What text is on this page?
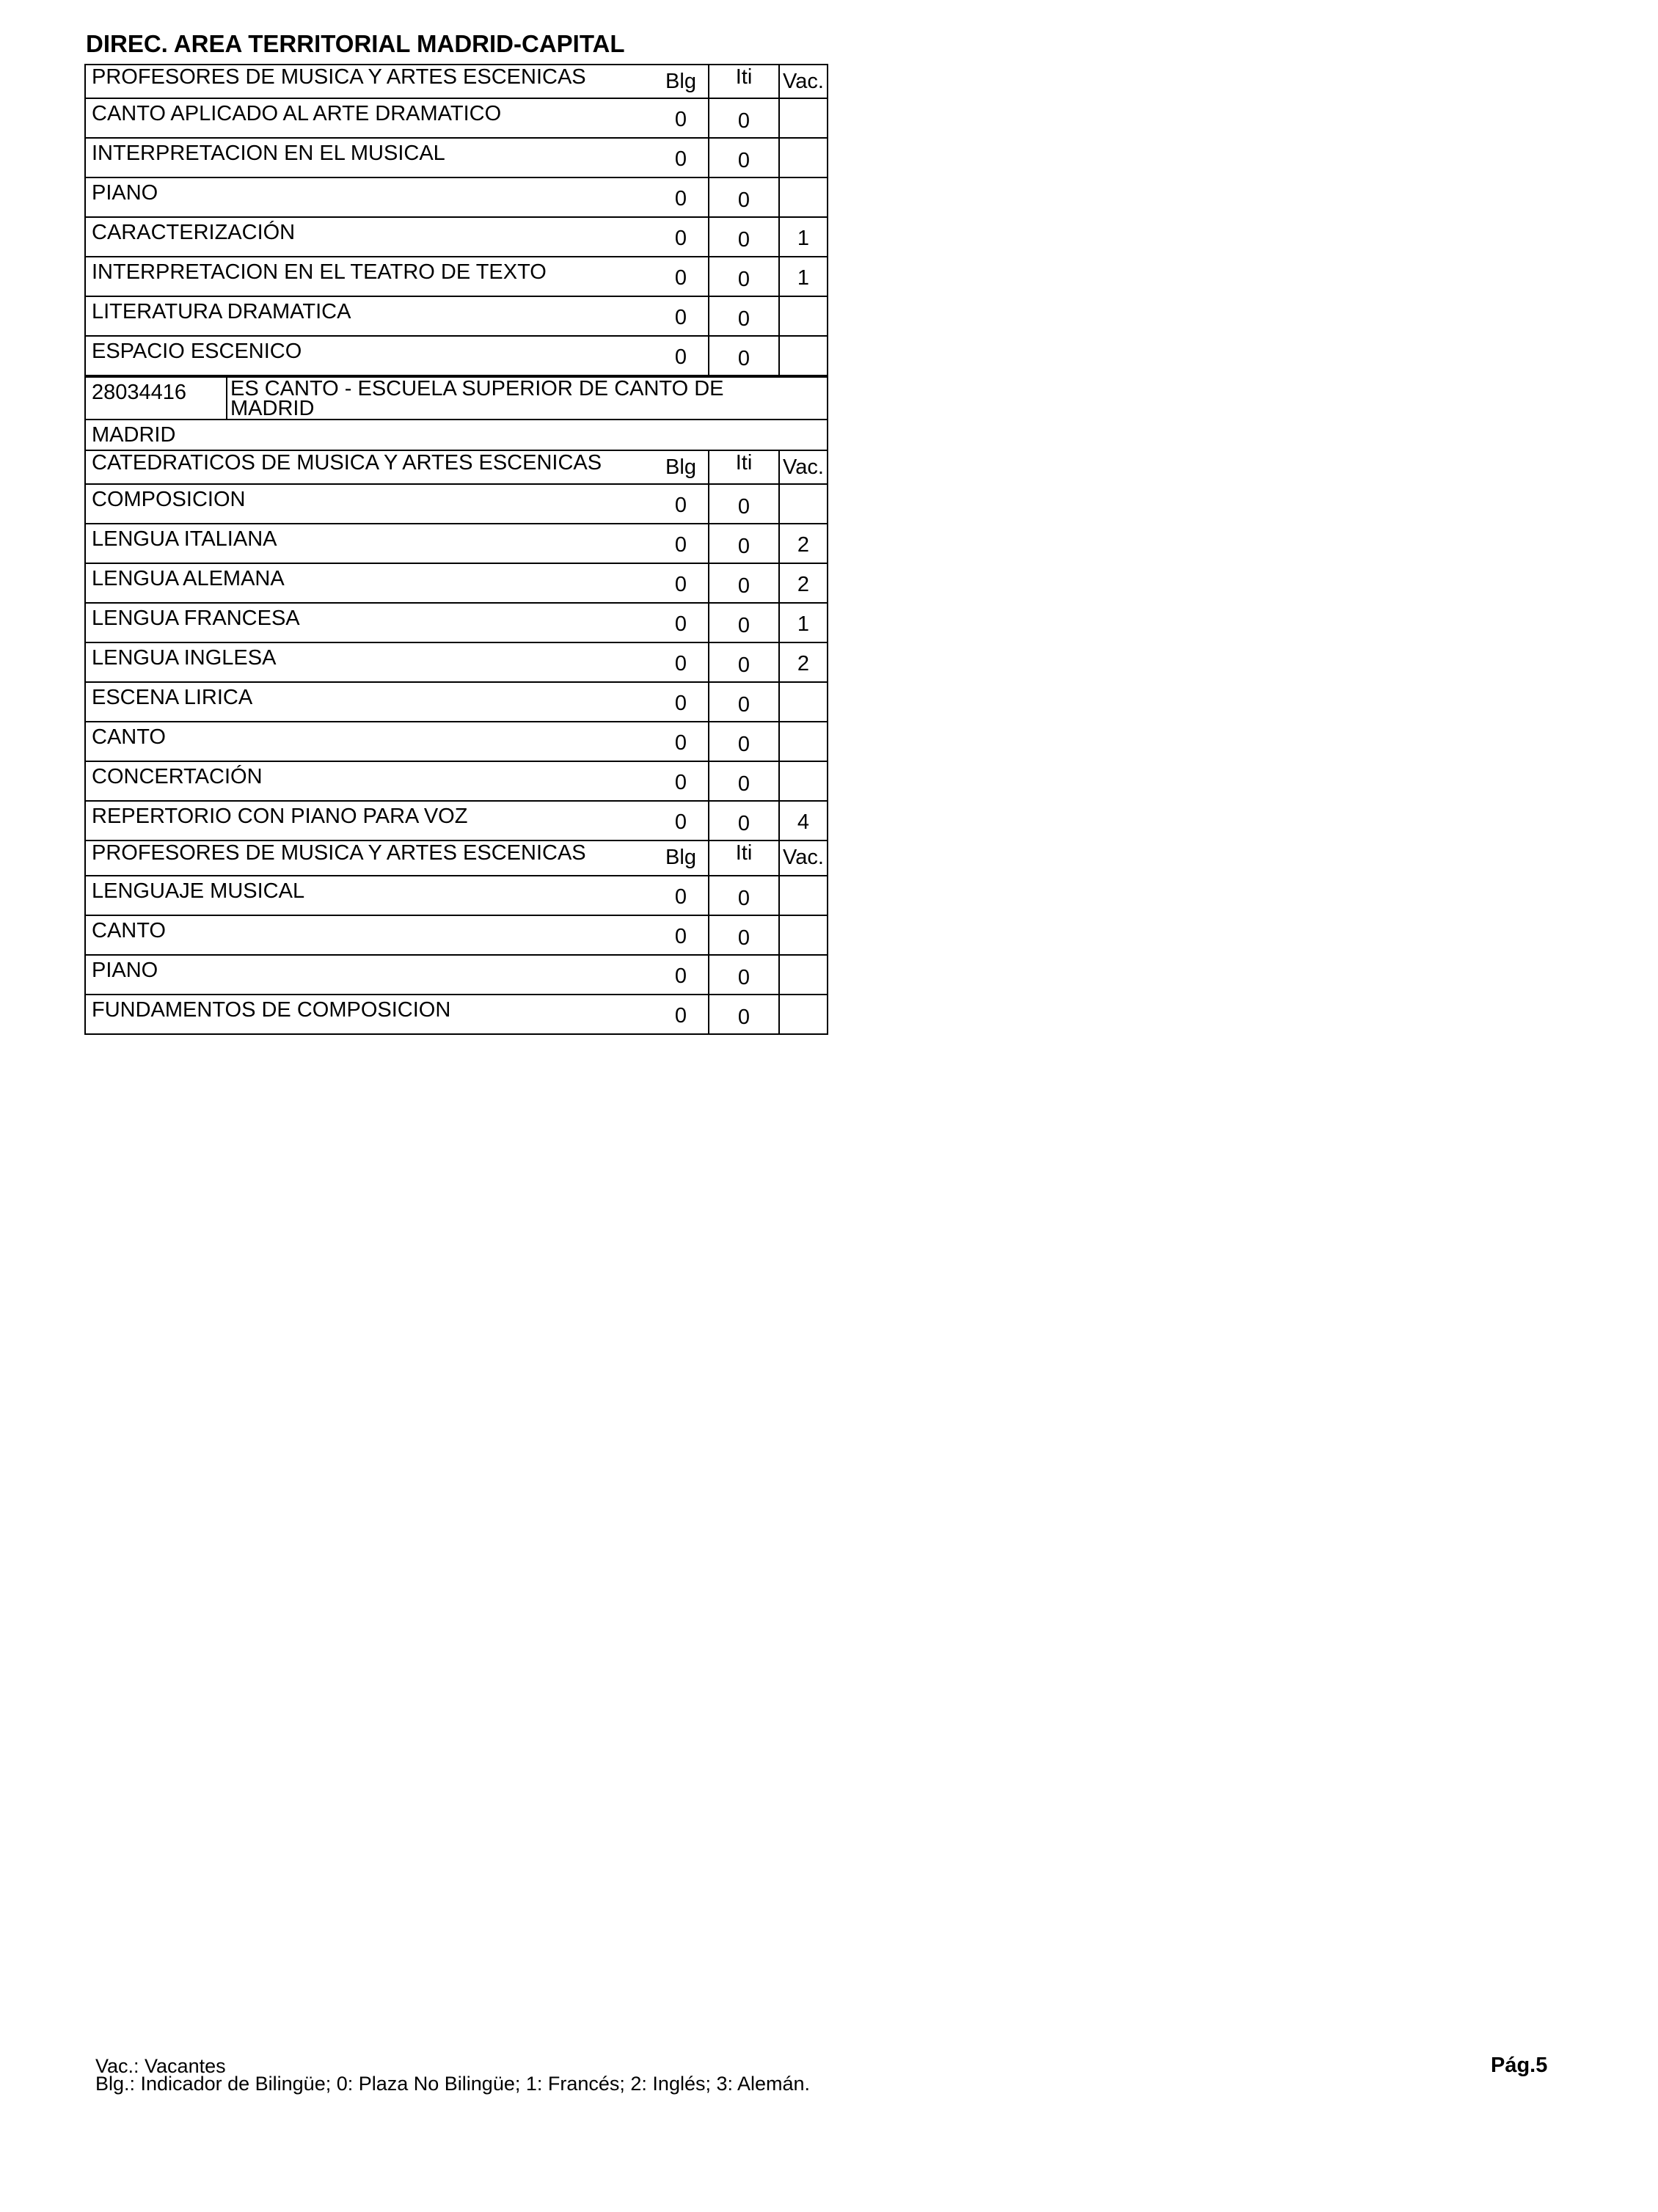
DIREC. AREA TERRITORIAL MADRID-CAPITAL
PROFESORES DE MUSICA Y ARTES ESCENICAS	Blg	Iti	Vac.
CANTO APLICADO AL ARTE DRAMATICO	0	0
INTERPRETACION EN EL MUSICAL	0	0
PIANO	0	0
CARACTERIZACIÓN	0	0	1
INTERPRETACION EN EL TEATRO DE TEXTO	0	0	1
LITERATURA DRAMATICA	0	0
ESPACIO ESCENICO	0	0
28034416 ES CANTO - ESCUELA SUPERIOR DE CANTO DE MADRID
MADRID
CATEDRATICOS DE MUSICA Y ARTES ESCENICAS	Blg	Iti	Vac.
COMPOSICION	0	0
LENGUA ITALIANA	0	0	2
LENGUA ALEMANA	0	0	2
LENGUA FRANCESA	0	0	1
LENGUA INGLESA	0	0	2
ESCENA LIRICA	0	0
CANTO	0	0
CONCERTACIÓN	0	0
REPERTORIO CON PIANO PARA VOZ	0	0	4
PROFESORES DE MUSICA Y ARTES ESCENICAS	Blg	Iti	Vac.
LENGUAJE MUSICAL	0	0
CANTO	0	0
PIANO	0	0
FUNDAMENTOS DE COMPOSICION	0	0
Vac.: Vacantes
Blg.: Indicador de Bilingüe; 0: Plaza No Bilingüe; 1: Francés; 2: Inglés; 3: Alemán.
Pág.5
